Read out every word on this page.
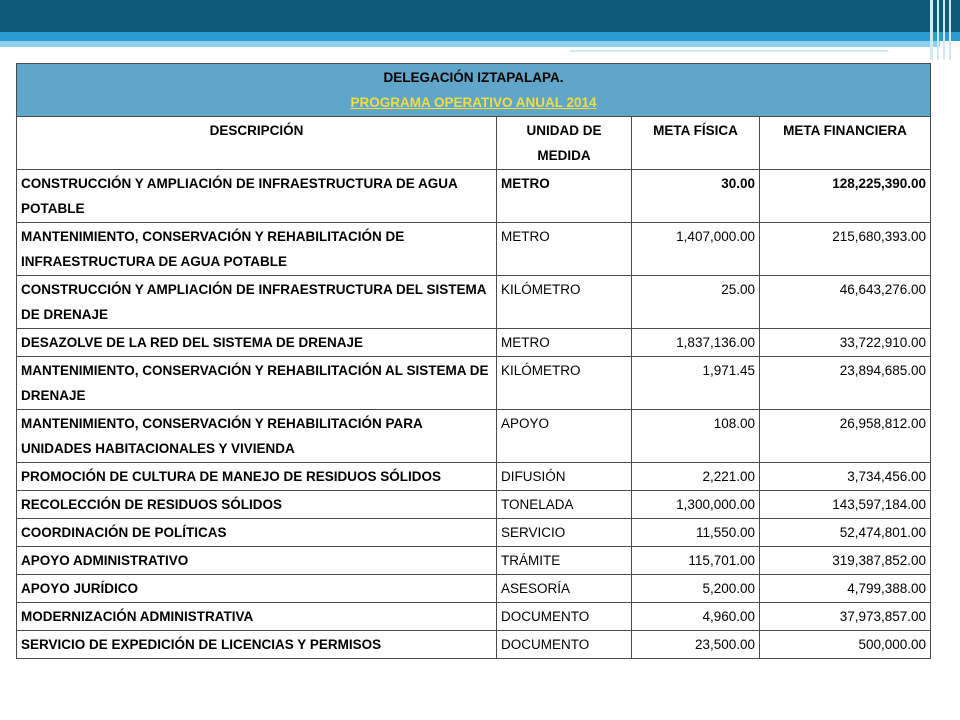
DELEGACIÓN IZTAPALAPA.
PROGRAMA OPERATIVO ANUAL 2014			

DESCRIPCIÓN	UNIDAD DE MEDIDA	META FÍSICA	META FINANCIERA
CONSTRUCCIÓN Y AMPLIACIÓN DE INFRAESTRUCTURA DE AGUA POTABLE	METRO	30.00	128,225,390.00
MANTENIMIENTO, CONSERVACIÓN Y REHABILITACIÓN DE INFRAESTRUCTURA DE AGUA POTABLE	METRO	1,407,000.00	215,680,393.00
CONSTRUCCIÓN Y AMPLIACIÓN DE INFRAESTRUCTURA DEL SISTEMA DE DRENAJE	KILÓMETRO	25.00	46,643,276.00
DESAZOLVE DE LA RED DEL SISTEMA DE DRENAJE	METRO	1,837,136.00	33,722,910.00
MANTENIMIENTO, CONSERVACIÓN Y REHABILITACIÓN AL SISTEMA DE DRENAJE	KILÓMETRO	1,971.45	23,894,685.00
MANTENIMIENTO, CONSERVACIÓN Y REHABILITACIÓN PARA UNIDADES HABITACIONALES Y VIVIENDA	APOYO	108.00	26,958,812.00
PROMOCIÓN DE CULTURA DE MANEJO DE RESIDUOS SÓLIDOS	DIFUSIÓN	2,221.00	3,734,456.00
RECOLECCIÓN DE RESIDUOS SÓLIDOS	TONELADA	1,300,000.00	143,597,184.00
COORDINACIÓN DE POLÍTICAS	SERVICIO	11,550.00	52,474,801.00
APOYO ADMINISTRATIVO	TRÁMITE	115,701.00	319,387,852.00
APOYO JURÍDICO	ASESORÍA	5,200.00	4,799,388.00
MODERNIZACIÓN ADMINISTRATIVA	DOCUMENTO	4,960.00	37,973,857.00
SERVICIO DE EXPEDICIÓN DE LICENCIAS Y PERMISOS	DOCUMENTO	23,500.00	500,000.00
